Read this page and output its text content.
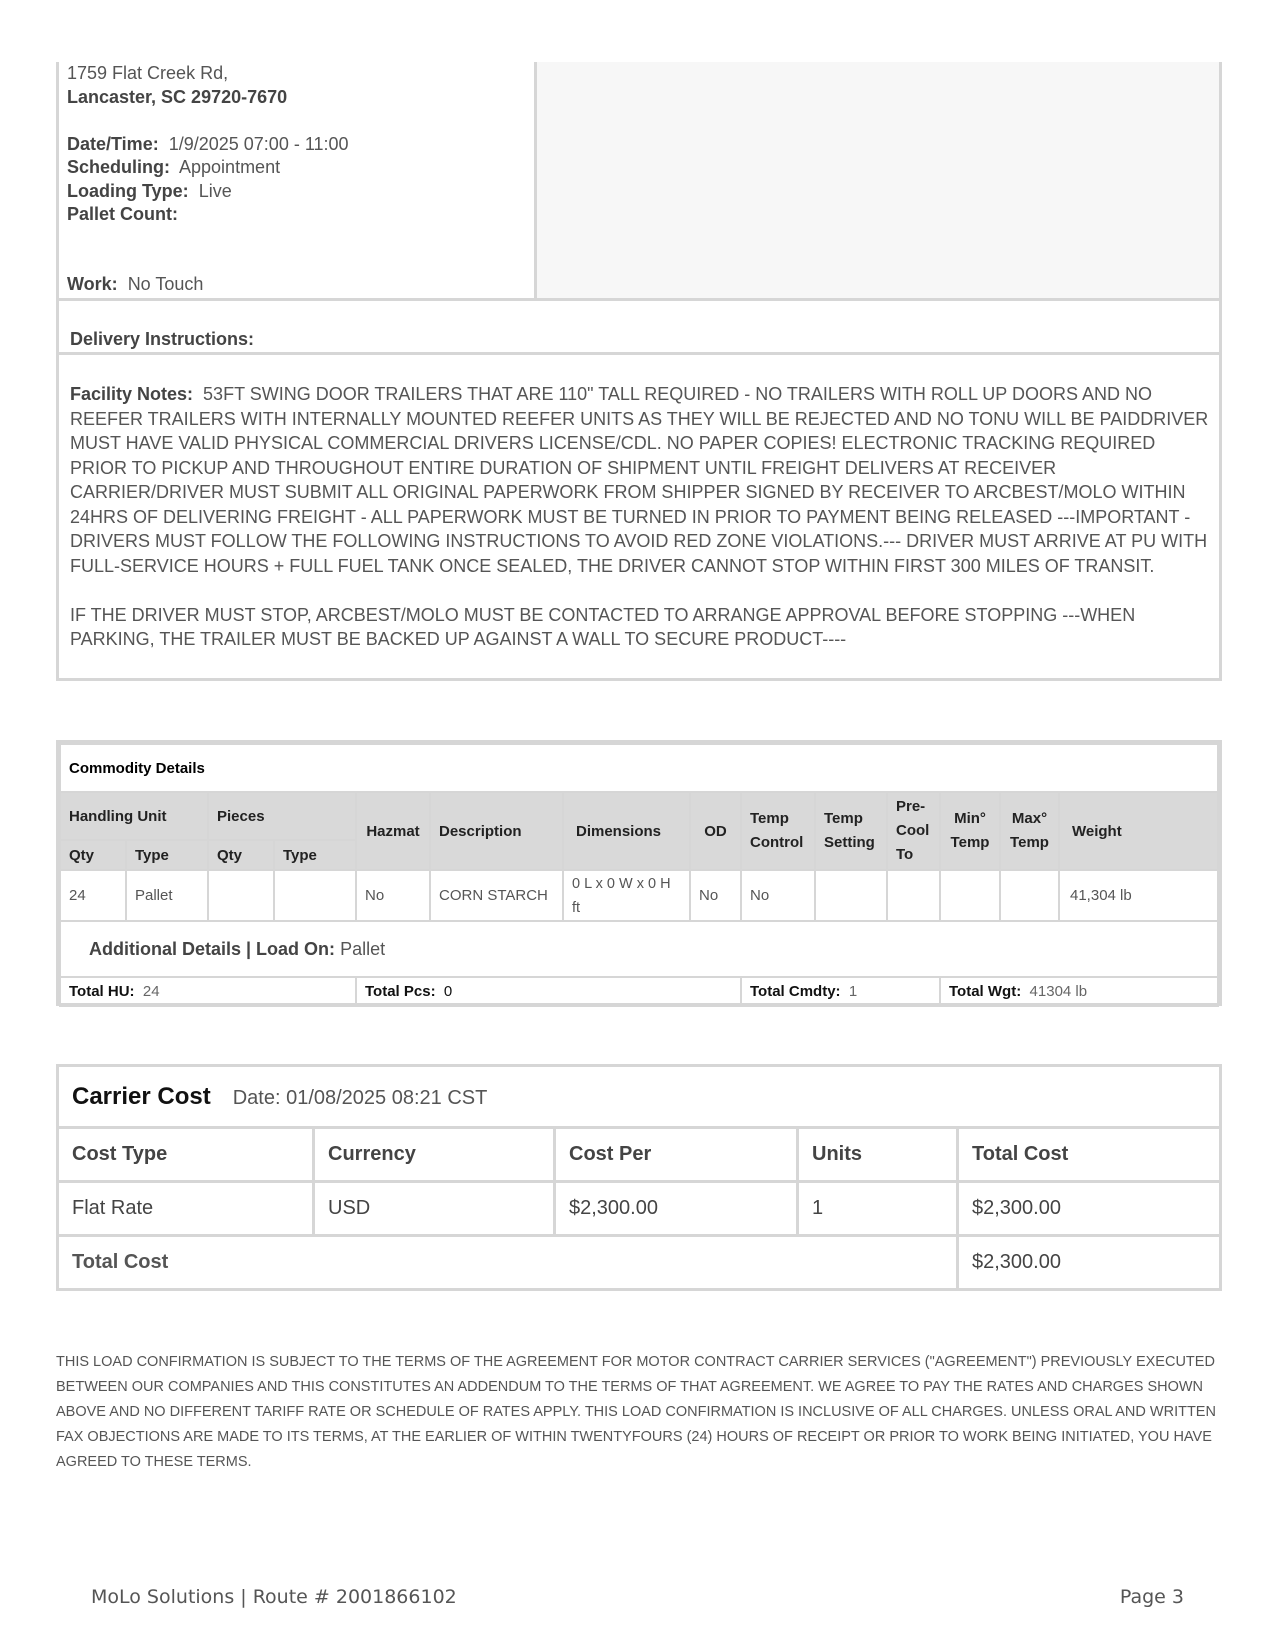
1759 Flat Creek Rd,
Lancaster, SC 29720-7670
Date/Time: 1/9/2025 07:00 - 11:00
Scheduling: Appointment
Loading Type: Live
Pallet Count:
Work: No Touch
Delivery Instructions:

Facility Notes: 53FT SWING DOOR TRAILERS THAT ARE 110" TALL REQUIRED - NO TRAILERS WITH ROLL UP DOORS AND NO REEFER TRAILERS WITH INTERNALLY MOUNTED REEFER UNITS AS THEY WILL BE REJECTED AND NO TONU WILL BE PAIDDRIVER MUST HAVE VALID PHYSICAL COMMERCIAL DRIVERS LICENSE/CDL. NO PAPER COPIES! ELECTRONIC TRACKING REQUIRED PRIOR TO PICKUP AND THROUGHOUT ENTIRE DURATION OF SHIPMENT UNTIL FREIGHT DELIVERS AT RECEIVER CARRIER/DRIVER MUST SUBMIT ALL ORIGINAL PAPERWORK FROM SHIPPER SIGNED BY RECEIVER TO ARCBEST/MOLO WITHIN 24HRS OF DELIVERING FREIGHT - ALL PAPERWORK MUST BE TURNED IN PRIOR TO PAYMENT BEING RELEASED ---IMPORTANT - DRIVERS MUST FOLLOW THE FOLLOWING INSTRUCTIONS TO AVOID RED ZONE VIOLATIONS.--- DRIVER MUST ARRIVE AT PU WITH FULL-SERVICE HOURS + FULL FUEL TANK ONCE SEALED, THE DRIVER CANNOT STOP WITHIN FIRST 300 MILES OF TRANSIT.

IF THE DRIVER MUST STOP, ARCBEST/MOLO MUST BE CONTACTED TO ARRANGE APPROVAL BEFORE STOPPING ---WHEN PARKING, THE TRAILER MUST BE BACKED UP AGAINST A WALL TO SECURE PRODUCT----

Commodity Details													
Handling Unit		Pieces		Hazmat	Description	Dimensions	OD	Temp Control	Temp Setting	Pre-Cool To	Min° Temp	Max° Temp	Weight
Qty	Type	Qty	Type										
24	Pallet			No	CORN STARCH	0 L x 0 W x 0 H ft	No	No					41,304 lb
Additional Details | Load On: Pallet													
Total HU: 24				Total Pcs: 0				Total Cmdty: 1			Total Wgt: 41304 lb		
Carrier Cost Date: 01/08/2025 08:21 CST				
Cost Type	Currency	Cost Per	Units	Total Cost
Flat Rate	USD	$2,300.00	1	$2,300.00
Total Cost				$2,300.00
THIS LOAD CONFIRMATION IS SUBJECT TO THE TERMS OF THE AGREEMENT FOR MOTOR CONTRACT CARRIER SERVICES ("AGREEMENT") PREVIOUSLY EXECUTED BETWEEN OUR COMPANIES AND THIS CONSTITUTES AN ADDENDUM TO THE TERMS OF THAT AGREEMENT. WE AGREE TO PAY THE RATES AND CHARGES SHOWN ABOVE AND NO DIFFERENT TARIFF RATE OR SCHEDULE OF RATES APPLY. THIS LOAD CONFIRMATION IS INCLUSIVE OF ALL CHARGES. UNLESS ORAL AND WRITTEN FAX OBJECTIONS ARE MADE TO ITS TERMS, AT THE EARLIER OF WITHIN TWENTYFOURS (24) HOURS OF RECEIPT OR PRIOR TO WORK BEING INITIATED, YOU HAVE AGREED TO THESE TERMS.
MoLo Solutions | Route # 2001866102	Page 3
